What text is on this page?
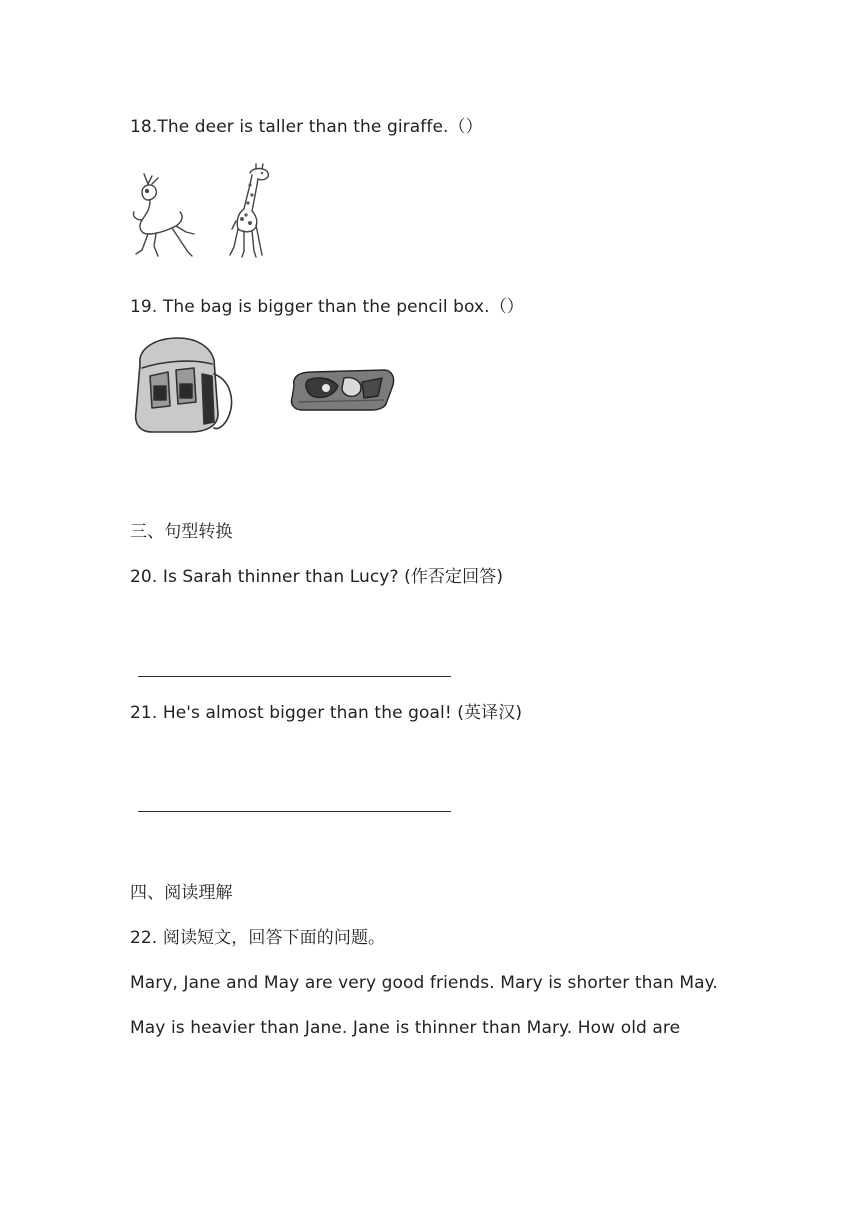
18.The deer is taller than the giraffe.（）
19. The bag is bigger than the pencil box.（）
三、句型转换
20. Is Sarah thinner than Lucy? (作否定回答)
21. He's almost bigger than the goal! (英译汉)
四、阅读理解
22. 阅读短文，回答下面的问题。
Mary, Jane and May are very good friends. Mary is shorter than May.
May is heavier than Jane. Jane is thinner than Mary. How old are
